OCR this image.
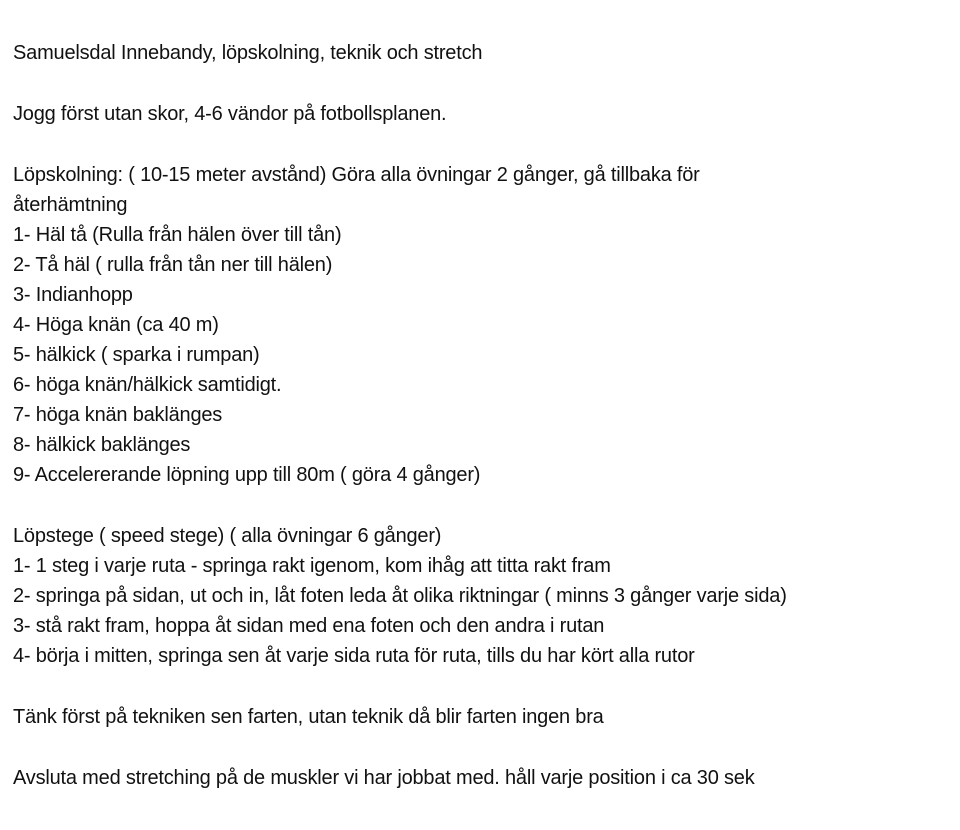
Samuelsdal Innebandy, löpskolning, teknik och stretch
Jogg först utan skor, 4-6 vändor på fotbollsplanen.
Löpskolning: ( 10-15 meter avstånd) Göra alla övningar 2 gånger, gå tillbaka för
återhämtning
1- Häl tå (Rulla från hälen över till tån)
2- Tå häl ( rulla från tån ner till hälen)
3- Indianhopp
4- Höga knän (ca 40 m)
5- hälkick ( sparka i rumpan)
6- höga knän/hälkick samtidigt.
7- höga knän baklänges
8- hälkick baklänges
9- Accelererande löpning upp till 80m ( göra 4 gånger)
Löpstege ( speed stege) ( alla övningar 6 gånger)
1- 1 steg i varje ruta - springa rakt igenom, kom ihåg att titta rakt fram
2- springa på sidan, ut och in, låt foten leda åt olika riktningar ( minns 3 gånger varje sida)
3- stå rakt fram, hoppa åt sidan med ena foten och den andra i rutan
4- börja i mitten, springa sen åt varje sida ruta för ruta, tills du har kört alla rutor
Tänk först på tekniken sen farten, utan teknik då blir farten ingen bra
Avsluta med stretching på de muskler vi har jobbat med. håll varje position i ca 30 sek
